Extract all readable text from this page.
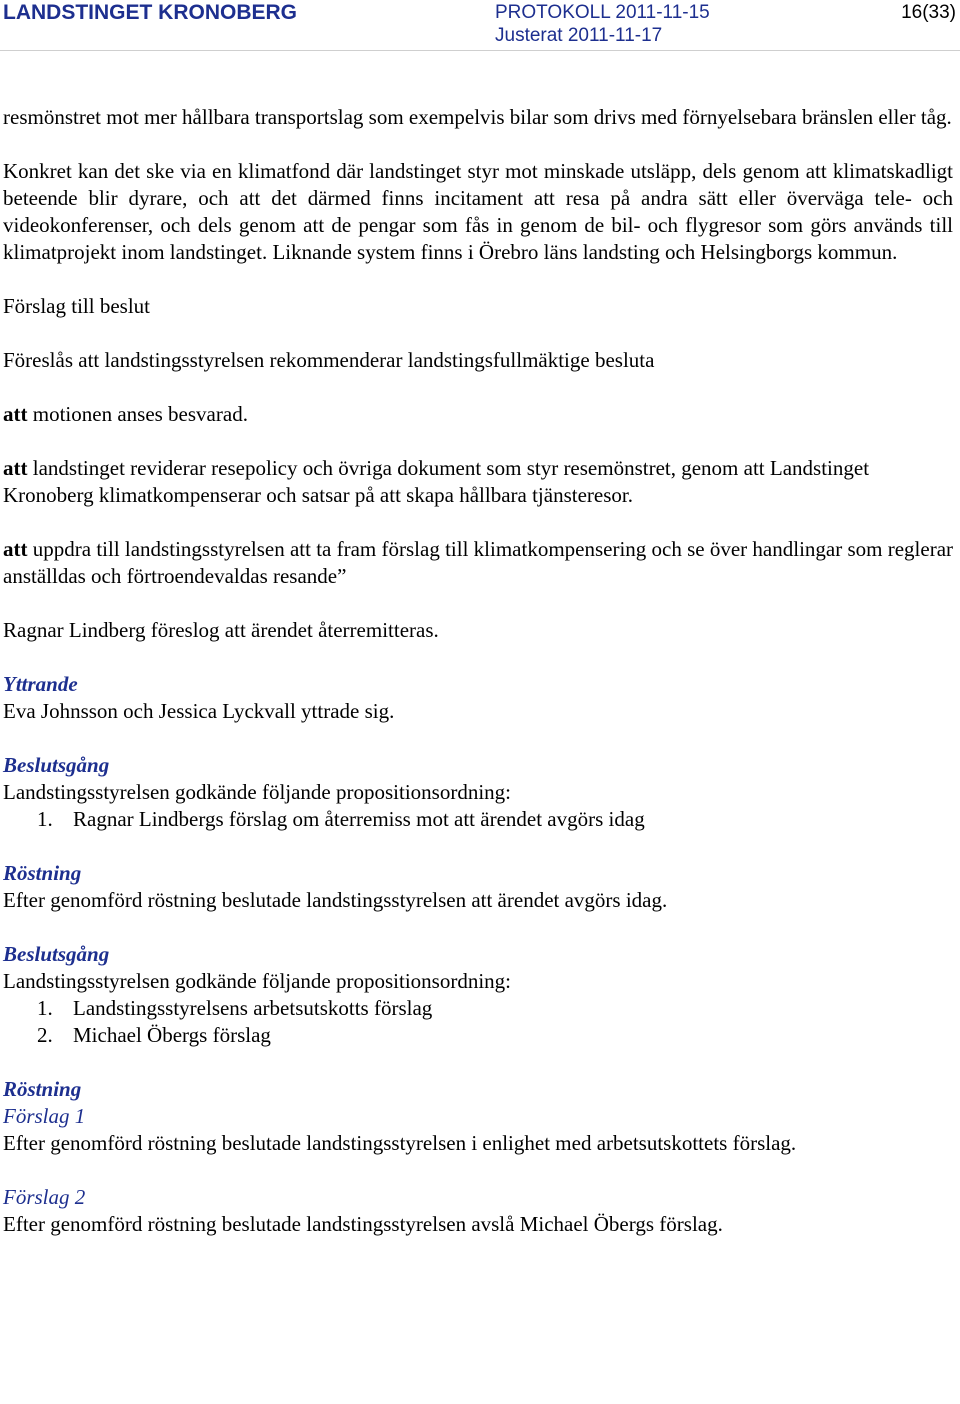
LANDSTINGET KRONOBERG	PROTOKOLL 2011-11-15
Justerat 2011-11-17
16(33)

resmönstret mot mer hållbara transportslag som exempelvis bilar som drivs med förnyelsebara bränslen eller tåg.

Konkret kan det ske via en klimatfond där landstinget styr mot minskade utsläpp, dels genom att klimatskadligt beteende blir dyrare, och att det därmed finns incitament att resa på andra sätt eller överväga tele- och videokonferenser, och dels genom att de pengar som fås in genom de bil- och flygresor som görs används till klimatprojekt inom landstinget. Liknande system finns i Örebro läns landsting och Helsingborgs kommun.

Förslag till beslut

Föreslås att landstingsstyrelsen rekommenderar landstingsfullmäktige besluta

att motionen anses besvarad.

att landstinget reviderar resepolicy och övriga dokument som styr resemönstret, genom att Landstinget Kronoberg klimatkompenserar och satsar på att skapa hållbara tjänsteresor.

att uppdra till landstingsstyrelsen att ta fram förslag till klimatkompensering och se över handlingar som reglerar anställdas och förtroendevaldas resande”

Ragnar Lindberg föreslog att ärendet återremitteras.

Yttrande

Eva Johnsson och Jessica Lyckvall yttrade sig.

Beslutsgång
Landstingsstyrelsen godkände följande propositionsordning:
1. Ragnar Lindbergs förslag om återremiss mot att ärendet avgörs idag
Röstning

Efter genomförd röstning beslutade landstingsstyrelsen att ärendet avgörs idag.

Beslutsgång
Landstingsstyrelsen godkände följande propositionsordning:
1. Landstingsstyrelsens arbetsutskotts förslag
2. Michael Öbergs förslag
Röstning
Förslag 1

Efter genomförd röstning beslutade landstingsstyrelsen i enlighet med arbetsutskottets förslag.

Förslag 2

Efter genomförd röstning beslutade landstingsstyrelsen avslå Michael Öbergs förslag.
